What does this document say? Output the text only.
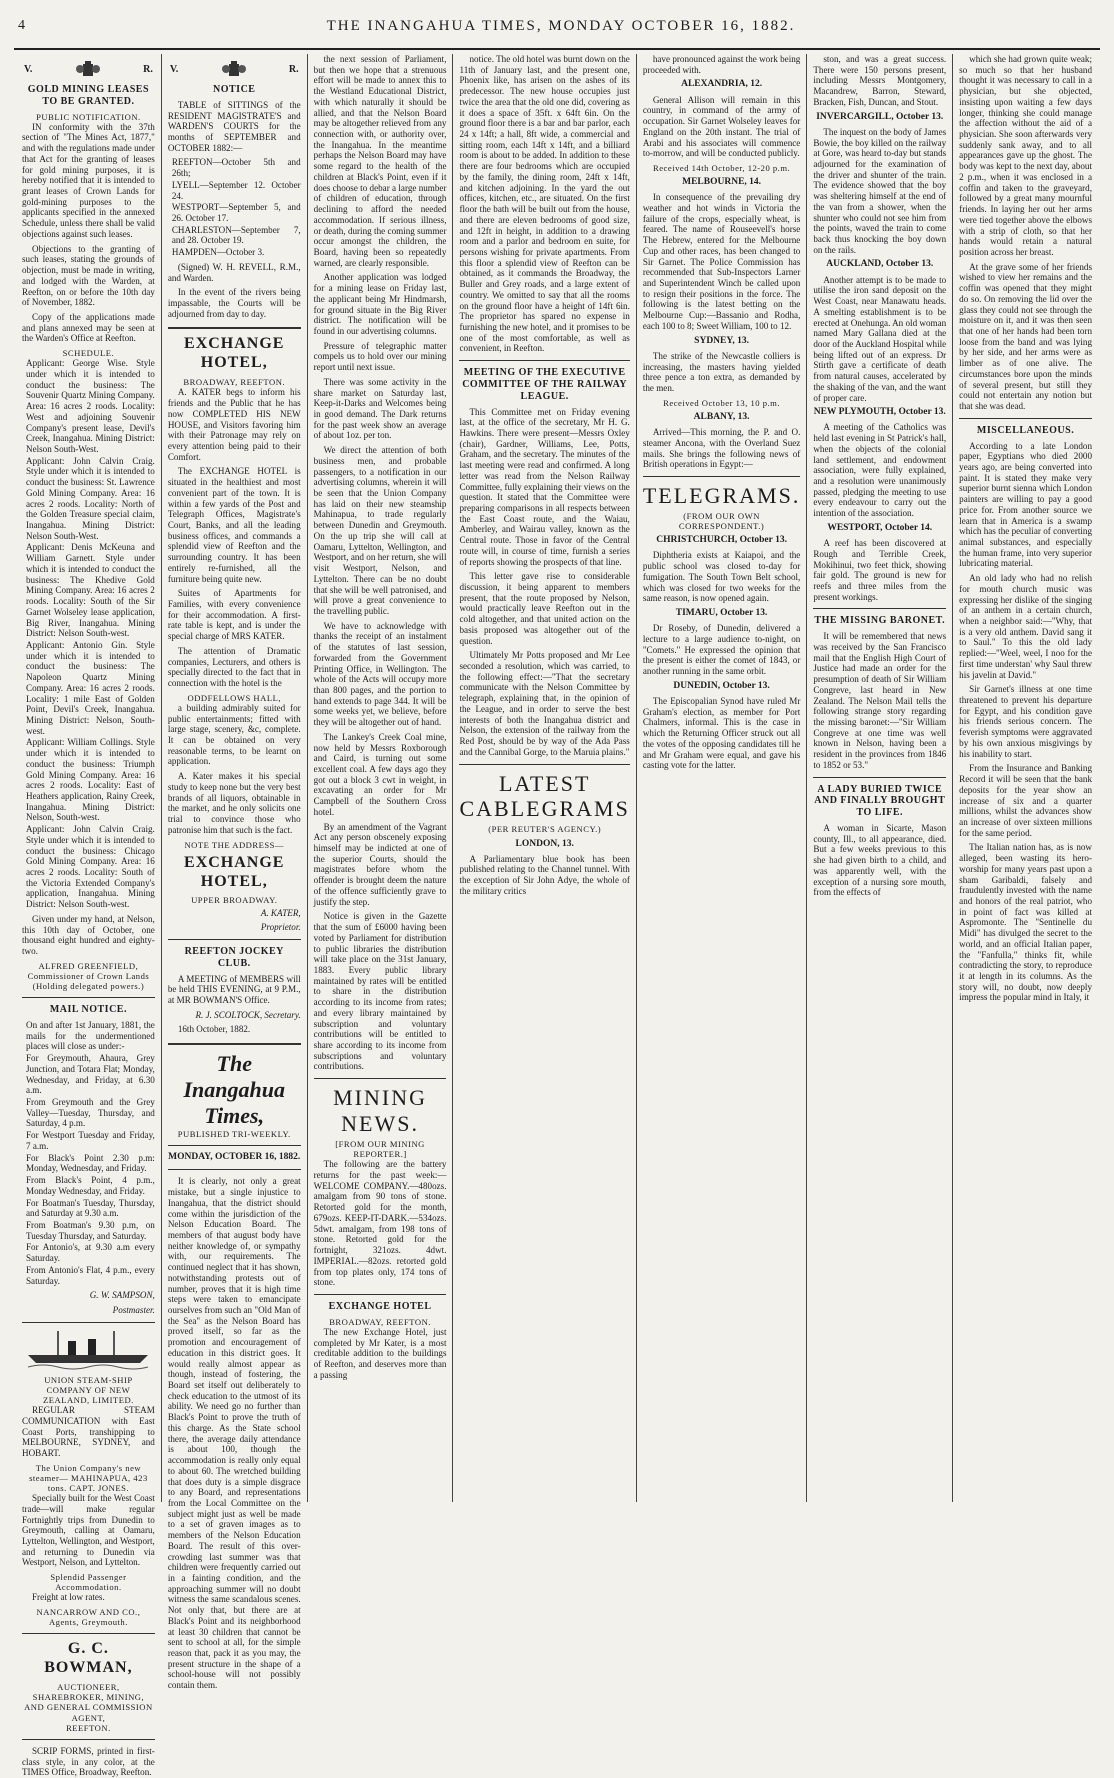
4	THE INANGAHUA TIMES, MONDAY OCTOBER 16, 1882.
V.	R.
GOLD MINING LEASES TO BE GRANTED.
PUBLIC NOTIFICATION.

IN conformity with the 37th section of "The Mines Act, 1877," and with the regulations made under that Act for the granting of leases for gold mining purposes, it is hereby notified that it is intended to grant leases of Crown Lands for gold-mining purposes to the applicants specified in the annexed Schedule, unless there shall be valid objections against such leases.

Objections to the granting of such leases, stating the grounds of objection, must be made in writing, and lodged with the Warden, at Reefton, on or before the 10th day of November, 1882.

Copy of the applications made and plans annexed may be seen at the Warden's Office at Reefton.

SCHEDULE.
Applicant: George Wise. Style under which it is intended to conduct the business: The Souvenir Quartz Mining Company. Area: 16 acres 2 roods. Locality: West and adjoining Souvenir Company's present lease, Devil's Creek, Inangahua. Mining District: Nelson South-West.
Applicant: John Calvin Craig. Style under which it is intended to conduct the business: St. Lawrence Gold Mining Company. Area: 16 acres 2 roods. Locality: North of the Golden Treasure special claim, Inangahua. Mining District: Nelson South-West.
Applicant: Denis McKeuna and William Garnett. Style under which it is intended to conduct the business: The Khedive Gold Mining Company. Area: 16 acres 2 roods. Locality: South of the Sir Garnet Wolseley lease application, Big River, Inangahua. Mining District: Nelson South-west.
Applicant: Antonio Gin. Style under which it is intended to conduct the business: The Napoleon Quartz Mining Company. Area: 16 acres 2 roods. Locality: 1 mile East of Golden Point, Devil's Creek, Inangahua. Mining District: Nelson, South-west.
Applicant: William Collings. Style under which it is intended to conduct the business: Triumph Gold Mining Company. Area: 16 acres 2 roods. Locality: East of Heathers application, Rainy Creek, Inangahua. Mining District: Nelson, South-west.
Applicant: John Calvin Craig. Style under which it is intended to conduct the business: Chicago Gold Mining Company. Area: 16 acres 2 roods. Locality: South of the Victoria Extended Company's application, Inangahua. Mining District: Nelson South-west.

Given under my hand, at Nelson, this 10th day of October, one thousand eight hundred and eighty-two.

ALFRED GREENFIELD,
Commissioner of Crown Lands (Holding delegated powers.)
MAIL NOTICE.
On and after 1st January, 1881, the mails for the undermentioned places will close as under:-
For Greymouth, Ahaura, Grey Junction, and Totara Flat; Monday, Wednesday, and Friday, at 6.30 a.m.
From Greymouth and the Grey Valley—Tuesday, Thursday, and Saturday, 4 p.m.
For Westport Tuesday and Friday, 7 a.m.
For Black's Point 2.30 p.m: Monday, Wednesday, and Friday.
From Black's Point, 4 p.m., Monday Wednesday, and Friday.
For Boatman's Tuesday, Thursday, and Saturday at 9.30 a.m.
From Boatman's 9.30 p.m, on Tuesday Thursday, and Saturday.
For Antonio's, at 9.30 a.m every Saturday.
From Antonio's Flat, 4 p.m., every Saturday.
G. W. SAMPSON,
Postmaster.
UNION STEAM-SHIP COMPANY OF NEW ZEALAND, LIMITED.

REGULAR STEAM COMMUNICATION with East Coast Ports, transhipping to MELBOURNE, SYDNEY, and HOBART.

The Union Company's new steamer— MAHINAPUA, 423 tons. CAPT. JONES.

Specially built for the West Coast trade—will make regular Fortnightly trips from Dunedin to Greymouth, calling at Oamaru, Lyttelton, Wellington, and Westport, and returning to Dunedin via Westport, Nelson, and Lyttelton.

Splendid Passenger Accommodation.

Freight at low rates.

NANCARROW AND CO., Agents, Greymouth.
G. C. BOWMAN,
AUCTIONEER,
SHAREBROKER, MINING, AND GENERAL COMMISSION AGENT,
REEFTON.

SCRIP FORMS, printed in first-class style, in any color, at the TIMES Office, Broadway, Reefton.

V.	R.
NOTICE

TABLE of SITTINGS of the RESIDENT MAGISTRATE'S and WARDEN'S COURTS for the months of SEPTEMBER and OCTOBER 1882:—

REEFTON—October 5th and 26th;
LYELL—September 12. October 24.
WESTPORT—September 5, and 26. October 17.
CHARLESTON—September 7, and 28. October 19.
HAMPDEN—October 3.

(Signed) W. H. REVELL, R.M., and Warden.

In the event of the rivers being impassable, the Courts will be adjourned from day to day.

EXCHANGE HOTEL,
BROADWAY, REEFTON.

A. KATER begs to inform his friends and the Public that he has now COMPLETED HIS NEW HOUSE, and Visitors favoring him with their Patronage may rely on every attention being paid to their Comfort.

The EXCHANGE HOTEL is situated in the healthiest and most convenient part of the town. It is within a few yards of the Post and Telegraph Offices, Magistrate's Court, Banks, and all the leading business offices, and commands a splendid view of Reefton and the surrounding country. It has been entirely re-furnished, all the furniture being quite new.

Suites of Apartments for Families, with every convenience for their accommodation. A first-rate table is kept, and is under the special charge of MRS KATER.

The attention of Dramatic companies, Lecturers, and others is specially directed to the fact that in connection with the hotel is the

ODDFELLOWS HALL,

a building admirably suited for public entertainments; fitted with large stage, scenery, &c, complete. It can be obtained on very reasonable terms, to be learnt on application.

A. Kater makes it his special study to keep none but the very best brands of all liquors, obtainable in the market, and he only solicits one trial to convince those who patronise him that such is the fact.

NOTE THE ADDRESS—
EXCHANGE HOTEL,
UPPER BROADWAY.
A. KATER,
Proprietor.
REEFTON JOCKEY CLUB.

A MEETING of MEMBERS will be held THIS EVENING, at 9 P.M., at MR BOWMAN'S Office.

R. J. SCOLTOCK, Secretary.

16th October, 1882.

The Inangahua Times,
PUBLISHED TRI-WEEKLY.
MONDAY, OCTOBER 16, 1882.

It is clearly, not only a great mistake, but a single injustice to Inangahua, that the district should come within the jurisdiction of the Nelson Education Board. The members of that august body have neither knowledge of, or sympathy with, our requirements. The continued neglect that it has shown, notwithstanding protests out of number, proves that it is high time steps were taken to emancipate ourselves from such an "Old Man of the Sea" as the Nelson Board has proved itself, so far as the promotion and encouragement of education in this district goes. It would really almost appear as though, instead of fostering, the Board set itself out deliberately to check education to the utmost of its ability. We need go no further than Black's Point to prove the truth of this charge. As the State school there, the average daily attendance is about 100, though the accommodation is really only equal to about 60. The wretched building that does duty is a simple disgrace to any Board, and representations from the Local Committee on the subject might just as well be made to a set of graven images as to members of the Nelson Education Board. The result of this over-crowding last summer was that children were frequently carried out in a fainting condition, and the approaching summer will no doubt witness the same scandalous scenes. Not only that, but there are at Black's Point and its neighborhood at least 30 children that cannot be sent to school at all, for the simple reason that, pack it as you may, the present structure in the shape of a school-house will not possibly contain them.

the next session of Parliament, but then we hope that a strenuous effort will be made to annex this to the Westland Educational District, with which naturally it should be allied, and that the Nelson Board may be altogether relieved from any connection with, or authority over, the Inangahua. In the meantime perhaps the Nelson Board may have some regard to the health of the children at Black's Point, even if it does choose to debar a large number of children of education, through declining to afford the needed accommodation. If serious illness, or death, during the coming summer occur amongst the children, the Board, having been so repeatedly warned, are clearly responsible.

Another application was lodged for a mining lease on Friday last, the applicant being Mr Hindmarsh, for ground situate in the Big River district. The notification will be found in our advertising columns.

Pressure of telegraphic matter compels us to hold over our mining report until next issue.

There was some activity in the share market on Saturday last, Keep-it-Darks and Welcomes being in good demand. The Dark returns for the past week show an average of about 1oz. per ton.

We direct the attention of both business men, and probable passengers, to a notification in our advertising columns, wherein it will be seen that the Union Company has laid on their new steamship Mahinapua, to trade regularly between Dunedin and Greymouth. On the up trip she will call at Oamaru, Lyttelton, Wellington, and Westport, and on her return, she will visit Westport, Nelson, and Lyttelton. There can be no doubt that she will be well patronised, and will prove a great convenience to the travelling public.

We have to acknowledge with thanks the receipt of an instalment of the statutes of last session, forwarded from the Government Printing Office, in Wellington. The whole of the Acts will occupy more than 800 pages, and the portion to hand extends to page 344. It will be some weeks yet, we believe, before they will be altogether out of hand.

The Lankey's Creek Coal mine, now held by Messrs Roxborough and Caird, is turning out some excellent coal. A few days ago they got out a block 3 cwt in weight, in excavating an order for Mr Campbell of the Southern Cross hotel.

By an amendment of the Vagrant Act any person obscenely exposing himself may be indicted at one of the superior Courts, should the magistrates before whom the offender is brought deem the nature of the offence sufficiently grave to justify the step.

Notice is given in the Gazette that the sum of £6000 having been voted by Parliament for distribution to public libraries the distribution will take place on the 31st January, 1883. Every public library maintained by rates will be entitled to share in the distribution according to its income from rates; and every library maintained by subscription and voluntary contributions will be entitled to share according to its income from subscriptions and voluntary contributions.

MINING NEWS.
[FROM OUR MINING REPORTER.]

The following are the battery returns for the past week:— WELCOME COMPANY.—480ozs. amalgam from 90 tons of stone. Retorted gold for the month, 679ozs. KEEP-IT-DARK.—534ozs. 5dwt. amalgam, from 198 tons of stone. Retorted gold for the fortnight, 321ozs. 4dwt. IMPERIAL.—82ozs. retorted gold from top plates only, 174 tons of stone.

EXCHANGE HOTEL
BROADWAY, REEFTON.

The new Exchange Hotel, just completed by Mr Kater, is a most creditable addition to the buildings of Reefton, and deserves more than a passing

notice. The old hotel was burnt down on the 11th of January last, and the present one, Phoenix like, has arisen on the ashes of its predecessor. The new house occupies just twice the area that the old one did, covering as it does a space of 35ft. x 64ft 6in. On the ground floor there is a bar and bar parlor, each 24 x 14ft; a hall, 8ft wide, a commercial and sitting room, each 14ft x 14ft, and a billiard room is about to be added. In addition to these there are four bedrooms which are occupied by the family, the dining room, 24ft x 14ft, and kitchen adjoining. In the yard the out offices, kitchen, etc., are situated. On the first floor the bath will be built out from the house, and there are eleven bedrooms of good size, and 12ft in height, in addition to a drawing room and a parlor and bedroom en suite, for persons wishing for private apartments. From this floor a splendid view of Reefton can be obtained, as it commands the Broadway, the Buller and Grey roads, and a large extent of country. We omitted to say that all the rooms on the ground floor have a height of 14ft 6in. The proprietor has spared no expense in furnishing the new hotel, and it promises to be one of the most comfortable, as well as convenient, in Reefton.

MEETING OF THE EXECUTIVE COMMITTEE OF THE RAILWAY LEAGUE.

This Committee met on Friday evening last, at the office of the secretary, Mr H. G. Hawkins. There were present—Messrs Oxley (chair), Gardner, Williams, Lee, Potts, Graham, and the secretary. The minutes of the last meeting were read and confirmed. A long letter was read from the Nelson Railway Committee, fully explaining their views on the question. It stated that the Committee were preparing comparisons in all respects between the East Coast route, and the Waiau, Amberley, and Wairau valley, known as the Central route. Those in favor of the Central route will, in course of time, furnish a series of reports showing the prospects of that line.

This letter gave rise to considerable discussion, it being apparent to members present, that the route proposed by Nelson, would practically leave Reefton out in the cold altogether, and that united action on the basis proposed was altogether out of the question.

Ultimately Mr Potts proposed and Mr Lee seconded a resolution, which was carried, to the following effect:—"That the secretary communicate with the Nelson Committee by telegraph, explaining that, in the opinion of the League, and in order to serve the best interests of both the Inangahua district and Nelson, the extension of the railway from the Red Post, should be by way of the Ada Pass and the Cannibal Gorge, to the Maruia plains."

LATEST CABLEGRAMS
(PER REUTER'S AGENCY.)
LONDON, 13.

A Parliamentary blue book has been published relating to the Channel tunnel. With the exception of Sir John Adye, the whole of the military critics

have pronounced against the work being proceeded with.

ALEXANDRIA, 12.

General Allison will remain in this country, in command of the army of occupation. Sir Garnet Wolseley leaves for England on the 20th instant. The trial of Arabi and his associates will commence to-morrow, and will be conducted publicly.

Received 14th October, 12-20 p.m.
MELBOURNE, 14.

In consequence of the prevailing dry weather and hot winds in Victoria the failure of the crops, especially wheat, is feared. The name of Rouseevell's horse The Hebrew, entered for the Melbourne Cup and other races, has been changed to Sir Garnet. The Police Commission has recommended that Sub-Inspectors Larner and Superintendent Winch be called upon to resign their positions in the force. The following is the latest betting on the Melbourne Cup:—Bassanio and Rodha, each 100 to 8; Sweet William, 100 to 12.

SYDNEY, 13.

The strike of the Newcastle colliers is increasing, the masters having yielded three pence a ton extra, as demanded by the men.

Received October 13, 10 p.m.
ALBANY, 13.

Arrived—This morning, the P. and O. steamer Ancona, with the Overland Suez mails. She brings the following news of British operations in Egypt:—

TELEGRAMS.
(FROM OUR OWN CORRESPONDENT.)
CHRISTCHURCH, October 13.

Diphtheria exists at Kaiapoi, and the public school was closed to-day for fumigation. The South Town Belt school, which was closed for two weeks for the same reason, is now opened again.

TIMARU, October 13.

Dr Roseby, of Dunedin, delivered a lecture to a large audience to-night, on "Comets." He expressed the opinion that the present is either the comet of 1843, or another running in the same orbit.

DUNEDIN, October 13.

The Episcopalian Synod have ruled Mr Graham's election, as member for Port Chalmers, informal. This is the case in which the Returning Officer struck out all the votes of the opposing candidates till he and Mr Graham were equal, and gave his casting vote for the latter.

ston, and was a great success. There were 150 persons present, including Messrs Montgomery, Macandrew, Barron, Steward, Bracken, Fish, Duncan, and Stout.

INVERCARGILL, October 13.

The inquest on the body of James Bowie, the boy killed on the railway at Gore, was heard to-day but stands adjourned for the examination of the driver and shunter of the train. The evidence showed that the boy was sheltering himself at the end of the van from a shower, when the shunter who could not see him from the points, waved the train to come back thus knocking the boy down on the rails.

AUCKLAND, October 13.

Another attempt is to be made to utilise the iron sand deposit on the West Coast, near Manawatu heads. A smelting establishment is to be erected at Onehunga. An old woman named Mary Gallana died at the door of the Auckland Hospital while being lifted out of an express. Dr Stirth gave a certificate of death from natural causes, accelerated by the shaking of the van, and the want of proper care.

NEW PLYMOUTH, October 13.

A meeting of the Catholics was held last evening in St Patrick's hall, when the objects of the colonial land settlement, and endowment association, were fully explained, and a resolution were unanimously passed, pledging the meeting to use every endeavour to carry out the intention of the association.

WESTPORT, October 14.

A reef has been discovered at Rough and Terrible Creek, Mokihinui, two feet thick, showing fair gold. The ground is new for reefs and three miles from the present workings.

THE MISSING BARONET.

It will be remembered that news was received by the San Francisco mail that the English High Court of Justice had made an order for the presumption of death of Sir William Congreve, last heard in New Zealand. The Nelson Mail tells the following strange story regarding the missing baronet:—"Sir William Congreve at one time was well known in Nelson, having been a resident in the provinces from 1846 to 1852 or 53."

A LADY BURIED TWICE AND FINALLY BROUGHT TO LIFE.

A woman in Sicarte, Mason county, Ill., to all appearance, died. But a few weeks previous to this she had given birth to a child, and was apparently well, with the exception of a nursing sore mouth, from the effects of

which she had grown quite weak; so much so that her husband thought it was necessary to call in a physician, but she objected, insisting upon waiting a few days longer, thinking she could manage the affection without the aid of a physician. She soon afterwards very suddenly sank away, and to all appearances gave up the ghost. The body was kept to the next day, about 2 p.m., when it was enclosed in a coffin and taken to the graveyard, followed by a great many mournful friends. In laying her out her arms were tied together above the elbows with a strip of cloth, so that her hands would retain a natural position across her breast.

At the grave some of her friends wished to view her remains and the coffin was opened that they might do so. On removing the lid over the glass they could not see through the moisture on it, and it was then seen that one of her hands had been torn loose from the band and was lying by her side, and her arms were as limber as of one alive. The circumstances bore upon the minds of several present, but still they could not entertain any notion but that she was dead.

MISCELLANEOUS.

According to a late London paper, Egyptians who died 2000 years ago, are being converted into paint. It is stated they make very superior burnt sienna which London painters are willing to pay a good price for. From another source we learn that in America is a swamp which has the peculiar of converting animal substances, and especially the human frame, into very superior lubricating material.

An old lady who had no relish for mouth church music was expressing her dislike of the singing of an anthem in a certain church, when a neighbor said:—"Why, that is a very old anthem. David sang it to Saul." To this the old lady replied:—"Weel, weel, I noo for the first time understan' why Saul threw his javelin at David."

Sir Garnet's illness at one time threatened to prevent his departure for Egypt, and his condition gave his friends serious concern. The feverish symptoms were aggravated by his own anxious misgivings by his inability to start.

From the Insurance and Banking Record it will be seen that the bank deposits for the year show an increase of six and a quarter millions, whilst the advances show an increase of over sixteen millions for the same period.

The Italian nation has, as is now alleged, been wasting its hero-worship for many years past upon a sham Garibaldi, falsely and fraudulently invested with the name and honors of the real patriot, who in point of fact was killed at Aspromonte. The "Sentinelle du Midi" has divulged the secret to the world, and an official Italian paper, the "Fanfulla," thinks fit, while contradicting the story, to reproduce it at length in its columns. As the story will, no doubt, now deeply impress the popular mind in Italy, it
